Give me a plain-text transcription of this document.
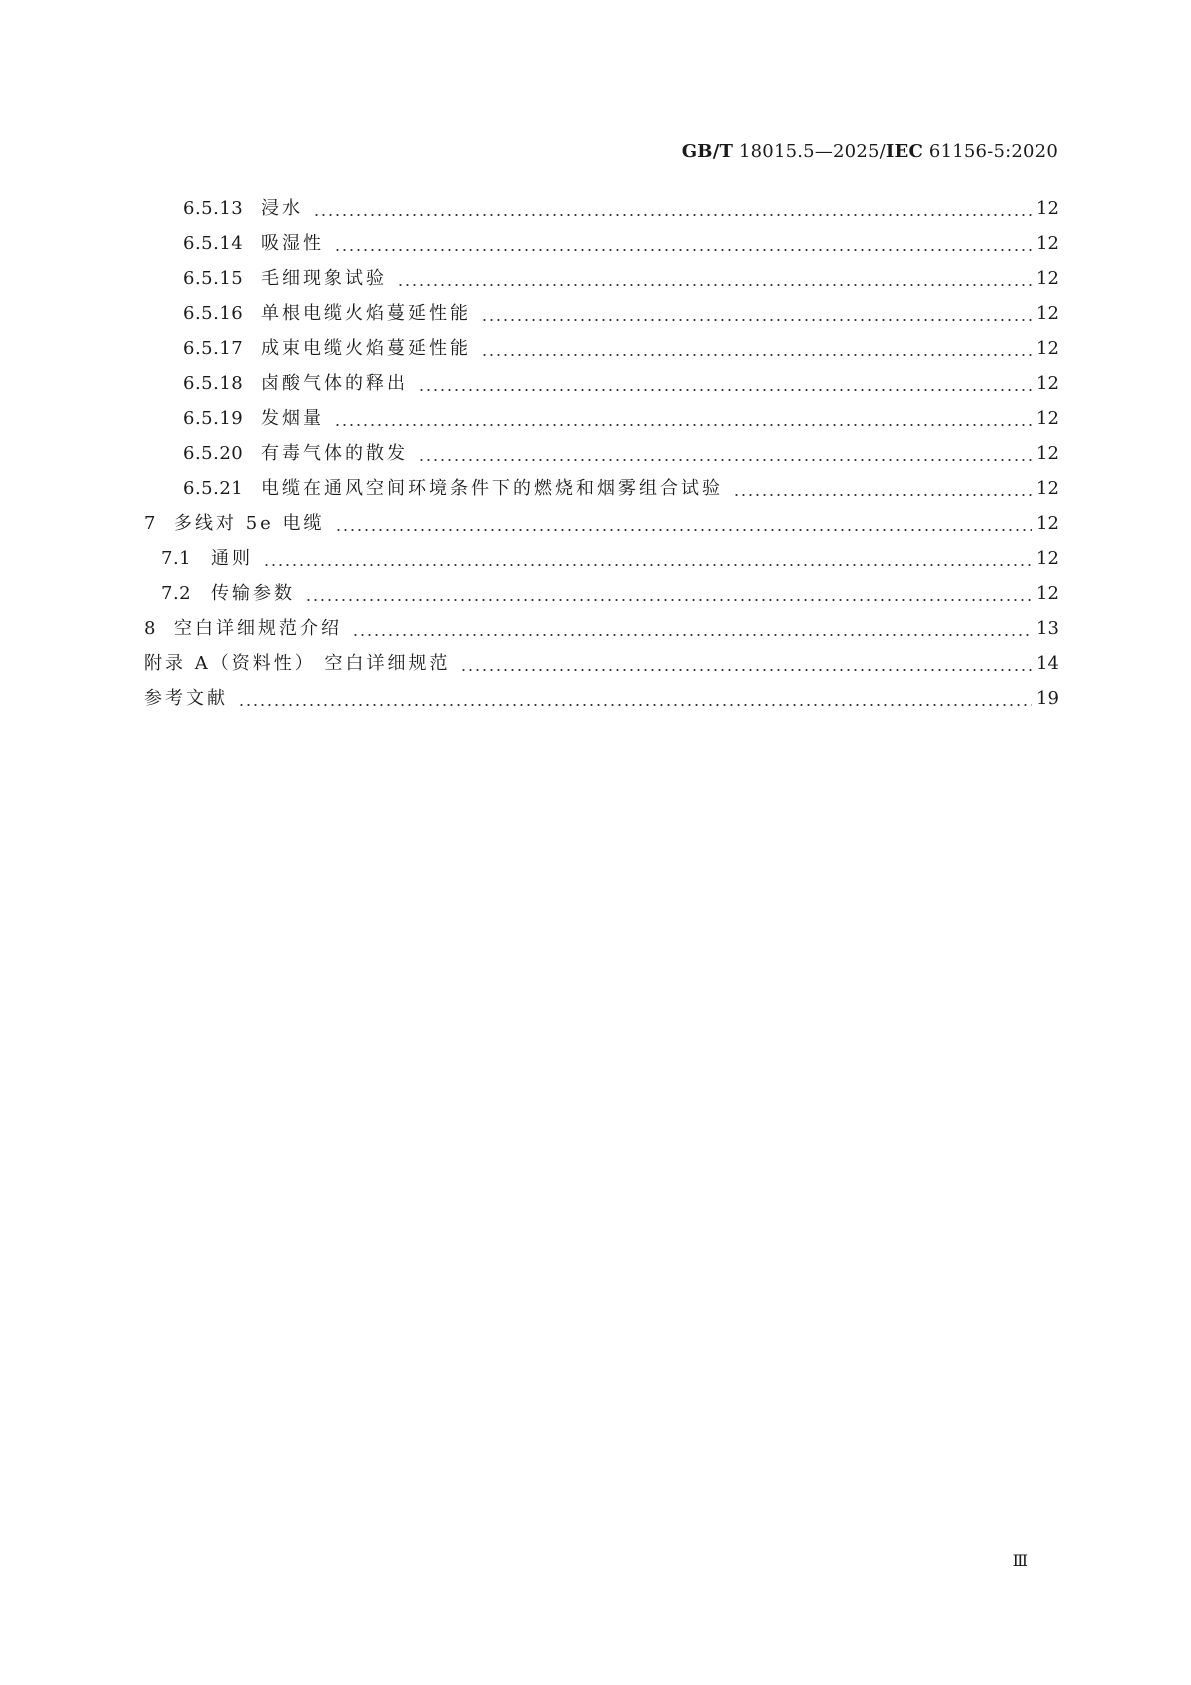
GB/T 18015.5—2025/IEC 61156-5:2020
6.5.13 浸水	12
6.5.14 吸湿性	12
6.5.15 毛细现象试验	12
6.5.16 单根电缆火焰蔓延性能	12
6.5.17 成束电缆火焰蔓延性能	12
6.5.18 卤酸气体的释出	12
6.5.19 发烟量	12
6.5.20 有毒气体的散发	12
6.5.21 电缆在通风空间环境条件下的燃烧和烟雾组合试验	12
7	多线对 5e 电缆	12
7.1	通则	12
7.2	传输参数	12
8	空白详细规范介绍	13
附录 A（资料性） 空白详细规范	14
参考文献	19
Ⅲ
